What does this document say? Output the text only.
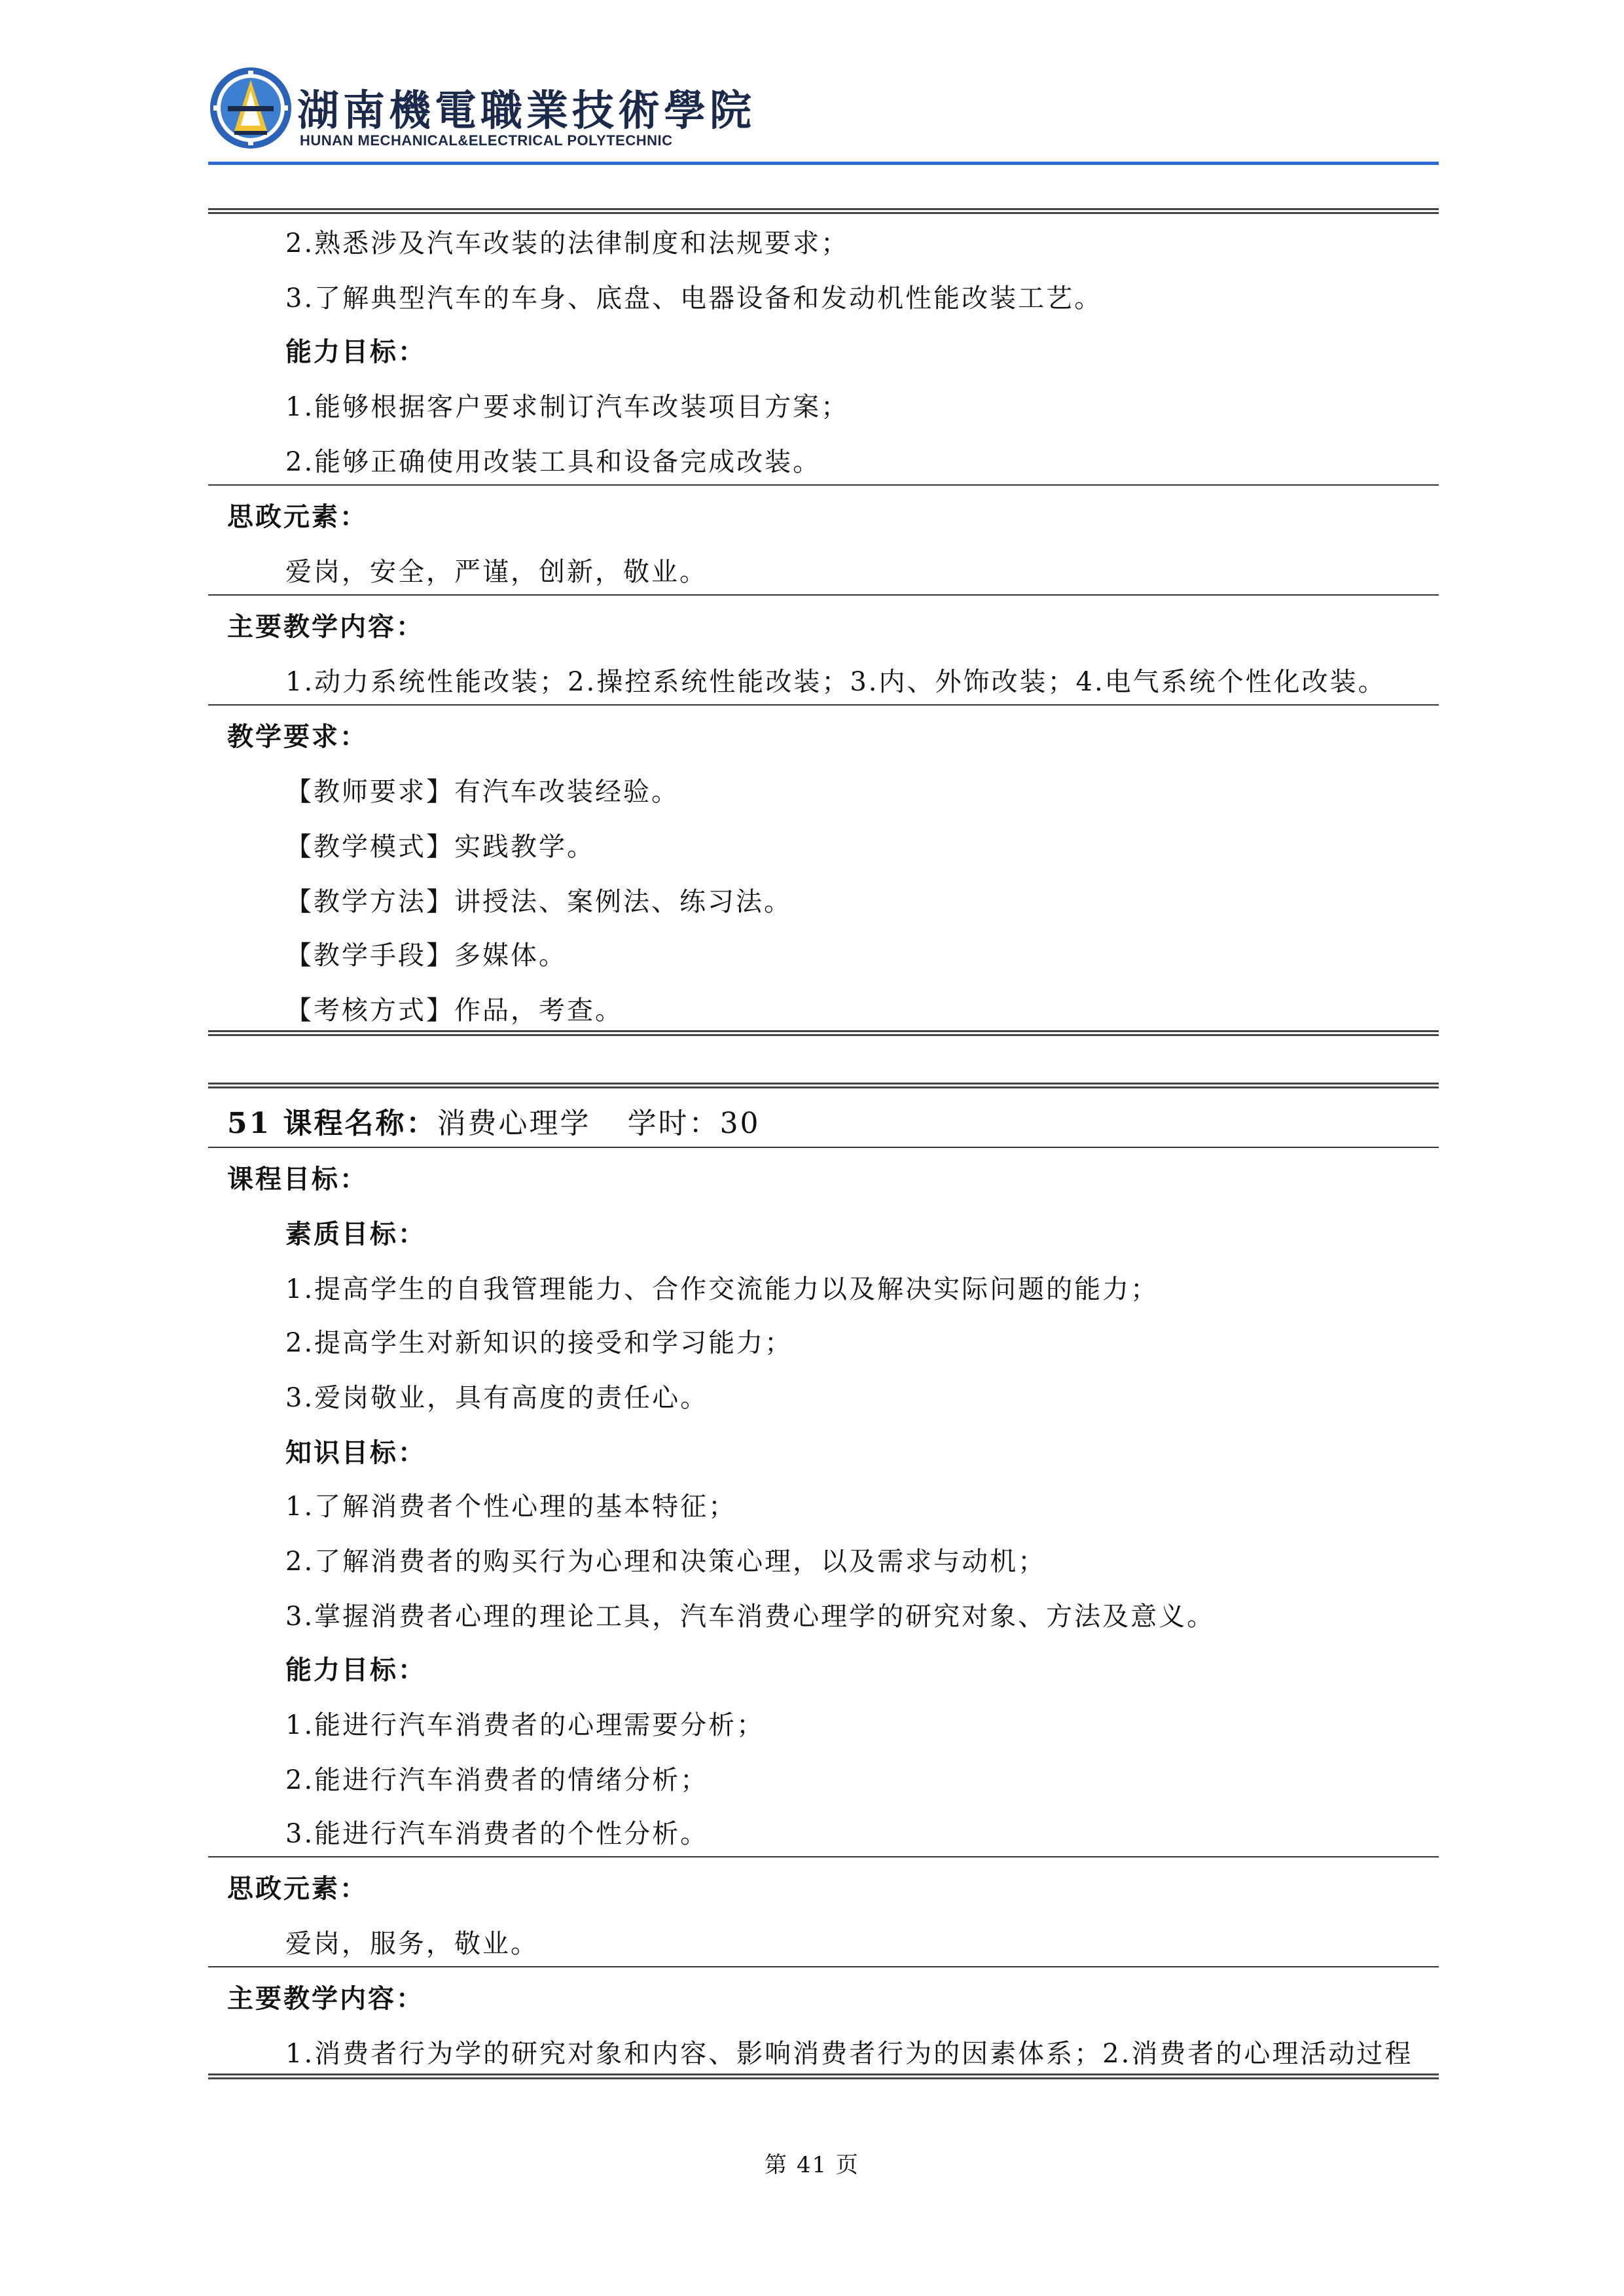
湖南機電職業技術學院
HUNAN MECHANICAL&ELECTRICAL POLYTECHNIC
2.熟悉涉及汽车改装的法律制度和法规要求；
3.了解典型汽车的车身、底盘、电器设备和发动机性能改装工艺。
能力目标：
1.能够根据客户要求制订汽车改装项目方案；
2.能够正确使用改装工具和设备完成改装。
思政元素：
爱岗，安全，严谨，创新，敬业。
主要教学内容：
1.动力系统性能改装；2.操控系统性能改装；3.内、外饰改装；4.电气系统个性化改装。
教学要求：
【教师要求】有汽车改装经验。
【教学模式】实践教学。
【教学方法】讲授法、案例法、练习法。
【教学手段】多媒体。
【考核方式】作品，考查。
51 课程名称：消费心理学 学时：30
课程目标：
素质目标：
1.提高学生的自我管理能力、合作交流能力以及解决实际问题的能力；
2.提高学生对新知识的接受和学习能力；
3.爱岗敬业，具有高度的责任心。
知识目标：
1.了解消费者个性心理的基本特征；
2.了解消费者的购买行为心理和决策心理，以及需求与动机；
3.掌握消费者心理的理论工具，汽车消费心理学的研究对象、方法及意义。
能力目标：
1.能进行汽车消费者的心理需要分析；
2.能进行汽车消费者的情绪分析；
3.能进行汽车消费者的个性分析。
思政元素：
爱岗，服务，敬业。
主要教学内容：
1.消费者行为学的研究对象和内容、影响消费者行为的因素体系；2.消费者的心理活动过程
第 41 页
